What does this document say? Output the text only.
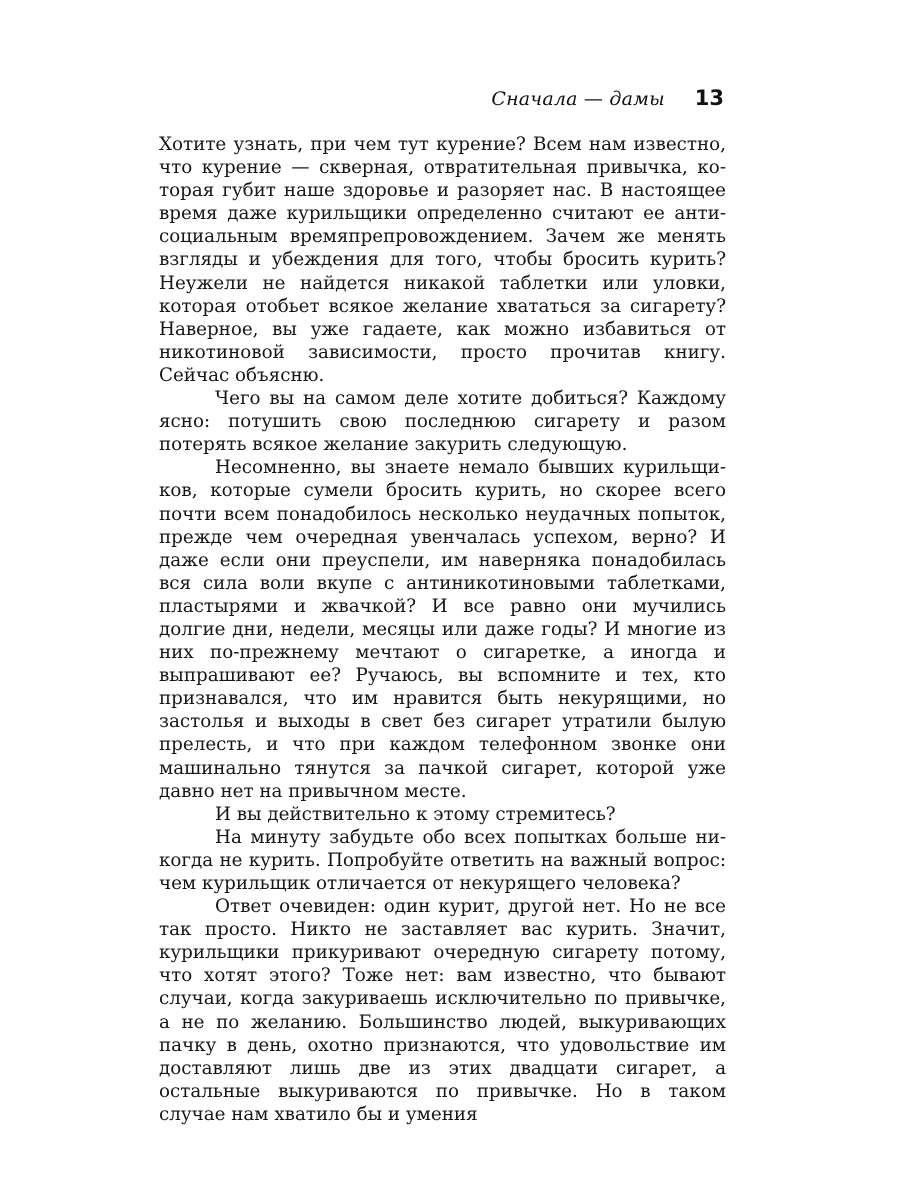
Сначала — дамы 13

Хотите узнать, при чем тут курение? Всем нам известно, что курение — скверная, отвратительная привычка, которая губит наше здоровье и разоряет нас. В настоящее время даже курильщики определенно считают ее антисоциальным времяпрепровождением. Зачем же менять взгляды и убеждения для того, чтобы бросить курить? Неужели не найдется никакой таблетки или уловки, которая отобьет всякое желание хвататься за сигарету? Наверное, вы уже гадаете, как можно избавиться от никотиновой зависимости, просто прочитав книгу. Сейчас объясню.

Чего вы на самом деле хотите добиться? Каждому ясно: потушить свою последнюю сигарету и разом потерять всякое желание закурить следующую.

Несомненно, вы знаете немало бывших курильщиков, которые сумели бросить курить, но скорее всего почти всем понадобилось несколько неудачных попыток, прежде чем очередная увенчалась успехом, верно? И даже если они преуспели, им наверняка понадобилась вся сила воли вкупе с антиникотиновыми таблетками, пластырями и жвачкой? И все равно они мучились долгие дни, недели, месяцы или даже годы? И многие из них по-прежнему мечтают о сигаретке, а иногда и выпрашивают ее? Ручаюсь, вы вспомните и тех, кто признавался, что им нравится быть некурящими, но застолья и выходы в свет без сигарет утратили былую прелесть, и что при каждом телефонном звонке они машинально тянутся за пачкой сигарет, которой уже давно нет на привычном месте.

И вы действительно к этому стремитесь?

На минуту забудьте обо всех попытках больше никогда не курить. Попробуйте ответить на важный вопрос: чем курильщик отличается от некурящего человека?

Ответ очевиден: один курит, другой нет. Но не все так просто. Никто не заставляет вас курить. Значит, курильщики прикуривают очередную сигарету потому, что хотят этого? Тоже нет: вам известно, что бывают случаи, когда закуриваешь исключительно по привычке, а не по желанию. Большинство людей, выкуривающих пачку в день, охотно признаются, что удовольствие им доставляют лишь две из этих двадцати сигарет, а остальные выкуриваются по привычке. Но в таком случае нам хватило бы и умения
